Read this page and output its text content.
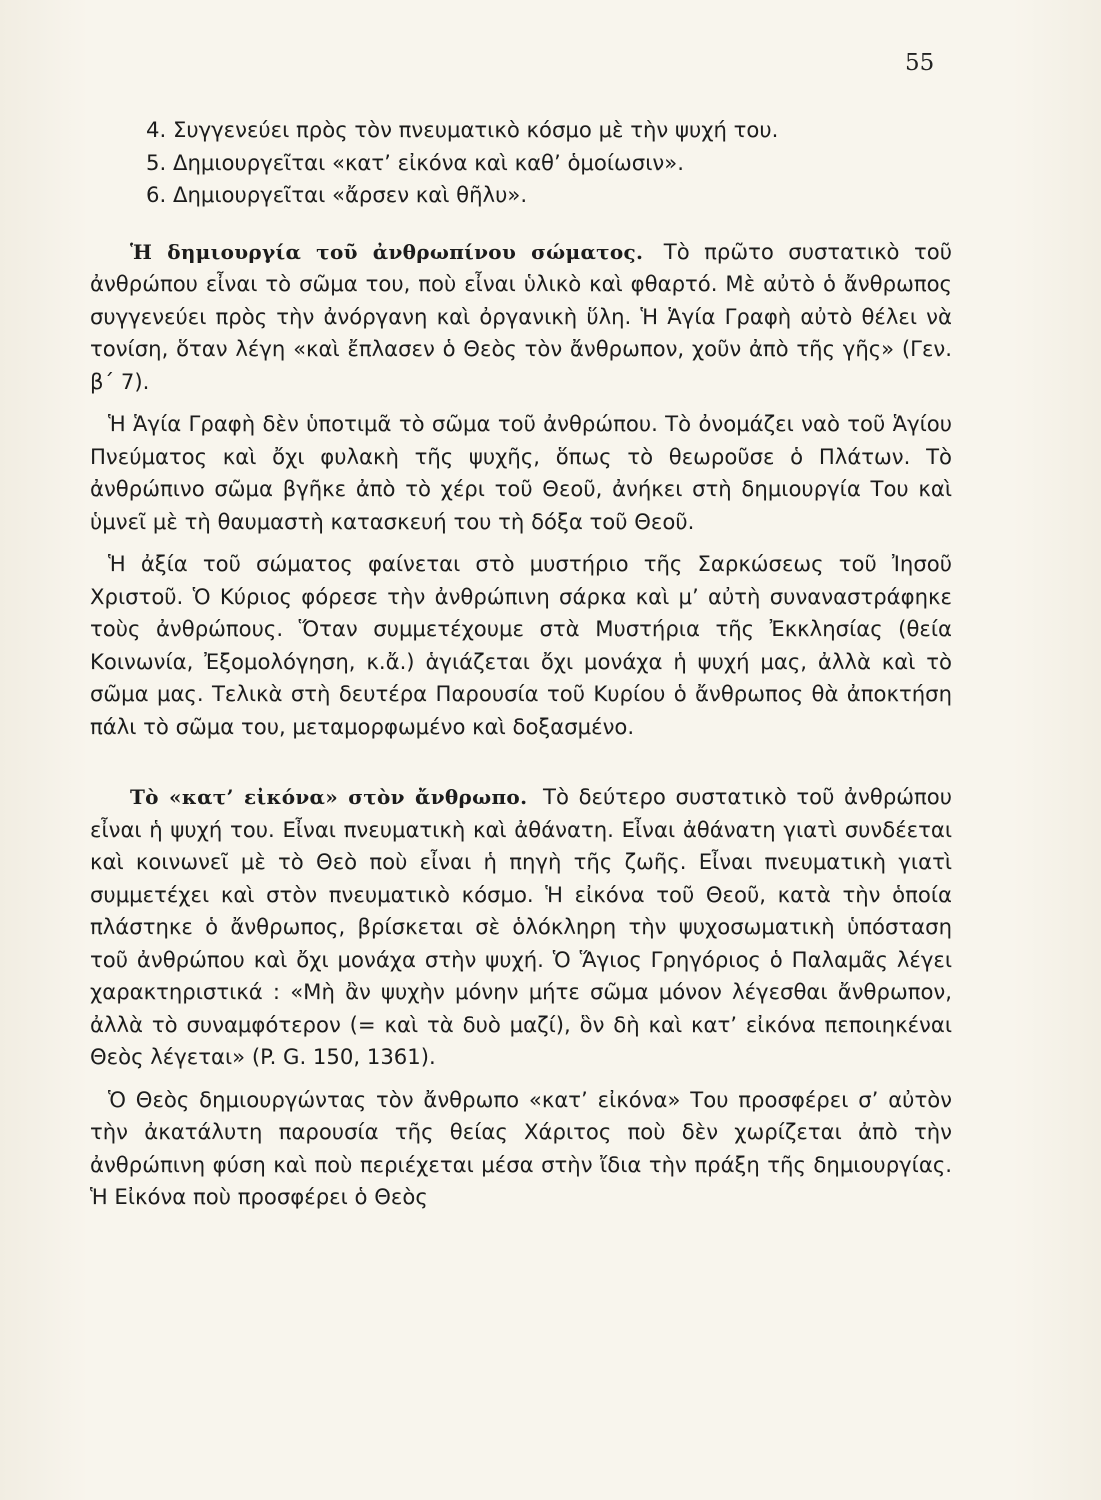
55
4. Συγγενεύει πρὸς τὸν πνευματικὸ κόσμο μὲ τὴν ψυχή του.
5. Δημιουργεῖται «κατ’ εἰκόνα καὶ καθ’ ὁμοίωσιν».
6. Δημιουργεῖται «ἄρσεν καὶ θῆλυ».

Ἡ δημιουργία τοῦ ἀνθρωπίνου σώματος. Τὸ πρῶτο συστατικὸ τοῦ ἀνθρώπου εἶναι τὸ σῶμα του, ποὺ εἶναι ὑλικὸ καὶ φθαρτό. Μὲ αὐτὸ ὁ ἄνθρωπος συγγενεύει πρὸς τὴν ἀνόργανη καὶ ὀργανικὴ ὕλη. Ἡ Ἁγία Γραφὴ αὐτὸ θέλει νὰ τονίση, ὅταν λέγη «καὶ ἔπλασεν ὁ Θεὸς τὸν ἄνθρωπον, χοῦν ἀπὸ τῆς γῆς» (Γεν. β΄ 7).

Ἡ Ἁγία Γραφὴ δὲν ὑποτιμᾶ τὸ σῶμα τοῦ ἀνθρώπου. Τὸ ὀνομάζει ναὸ τοῦ Ἁγίου Πνεύματος καὶ ὄχι φυλακὴ τῆς ψυχῆς, ὅπως τὸ θεωροῦσε ὁ Πλάτων. Τὸ ἀνθρώπινο σῶμα βγῆκε ἀπὸ τὸ χέρι τοῦ Θεοῦ, ἀνήκει στὴ δημιουργία Του καὶ ὑμνεῖ μὲ τὴ θαυμαστὴ κατασκευή του τὴ δόξα τοῦ Θεοῦ.

Ἡ ἀξία τοῦ σώματος φαίνεται στὸ μυστήριο τῆς Σαρκώσεως τοῦ Ἰησοῦ Χριστοῦ. Ὁ Κύριος φόρεσε τὴν ἀνθρώπινη σάρκα καὶ μ’ αὐτὴ συναναστράφηκε τοὺς ἀνθρώπους. Ὅταν συμμετέχουμε στὰ Μυστήρια τῆς Ἐκκλησίας (θεία Κοινωνία, Ἐξομολόγηση, κ.ἄ.) ἁγιάζεται ὄχι μονάχα ἡ ψυχή μας, ἀλλὰ καὶ τὸ σῶμα μας. Τελικὰ στὴ δευτέρα Παρουσία τοῦ Κυρίου ὁ ἄνθρωπος θὰ ἀποκτήση πάλι τὸ σῶμα του, μεταμορφωμένο καὶ δοξασμένο.

Τὸ «κατ’ εἰκόνα» στὸν ἄνθρωπο. Τὸ δεύτερο συστατικὸ τοῦ ἀνθρώπου εἶναι ἡ ψυχή του. Εἶναι πνευματικὴ καὶ ἀθάνατη. Εἶναι ἀθάνατη γιατὶ συνδέεται καὶ κοινωνεῖ μὲ τὸ Θεὸ ποὺ εἶναι ἡ πηγὴ τῆς ζωῆς. Εἶναι πνευματικὴ γιατὶ συμμετέχει καὶ στὸν πνευματικὸ κόσμο. Ἡ εἰκόνα τοῦ Θεοῦ, κατὰ τὴν ὁποία πλάστηκε ὁ ἄνθρωπος, βρίσκεται σὲ ὁλόκληρη τὴν ψυχοσωματικὴ ὑπόσταση τοῦ ἀνθρώπου καὶ ὄχι μονάχα στὴν ψυχή. Ὁ Ἅγιος Γρηγόριος ὁ Παλαμᾶς λέγει χαρακτηριστικά : «Μὴ ἂν ψυχὴν μόνην μήτε σῶμα μόνον λέγεσθαι ἄνθρωπον, ἀλλὰ τὸ συναμφότερον (= καὶ τὰ δυὸ μαζί), ὃν δὴ καὶ κατ’ εἰκόνα πεποιηκέναι Θεὸς λέγεται» (P. G. 150, 1361).

Ὁ Θεὸς δημιουργώντας τὸν ἄνθρωπο «κατ’ εἰκόνα» Του προσφέρει σ’ αὐτὸν τὴν ἀκατάλυτη παρουσία τῆς θείας Χάριτος ποὺ δὲν χωρίζεται ἀπὸ τὴν ἀνθρώπινη φύση καὶ ποὺ περιέχεται μέσα στὴν ἴδια τὴν πράξη τῆς δημιουργίας. Ἡ Εἰκόνα ποὺ προσφέρει ὁ Θεὸς
